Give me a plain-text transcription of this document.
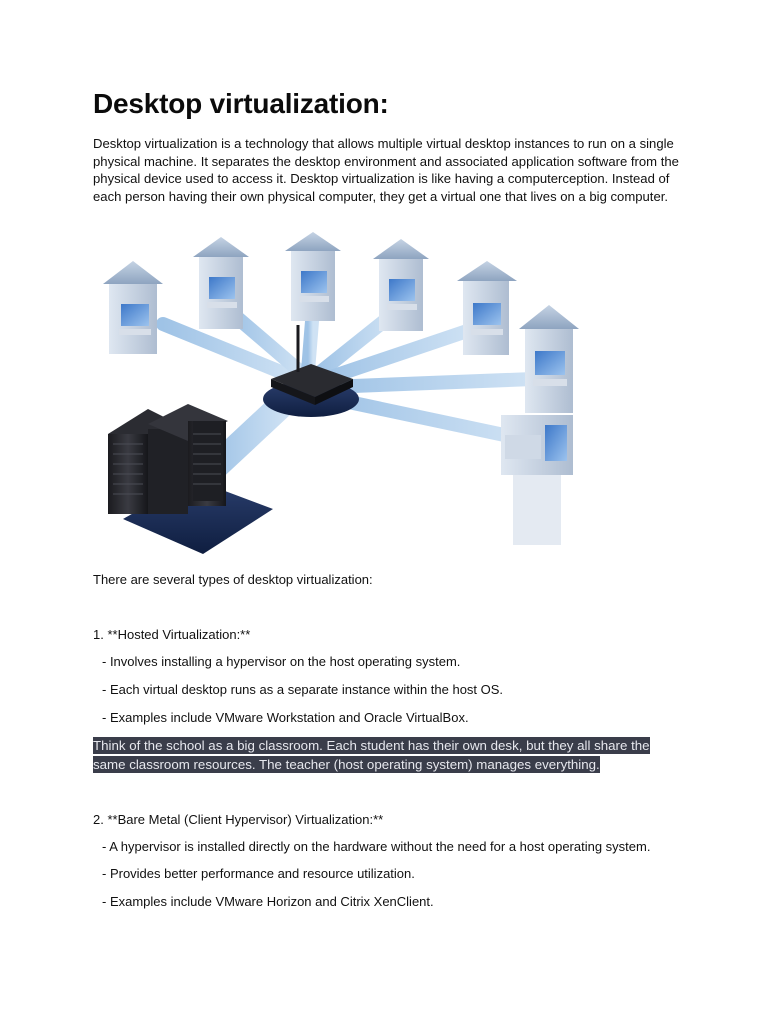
Desktop virtualization:
Desktop virtualization is a technology that allows multiple virtual desktop instances to run on a single physical machine. It separates the desktop environment and associated application software from the physical device used to access it. Desktop virtualization is like having a computerception. Instead of each person having their own physical computer, they get a virtual one that lives on a big computer.
There are several types of desktop virtualization:
1. **Hosted Virtualization:**
- Involves installing a hypervisor on the host operating system.
- Each virtual desktop runs as a separate instance within the host OS.
- Examples include VMware Workstation and Oracle VirtualBox.
Think of the school as a big classroom. Each student has their own desk, but they all share the same classroom resources. The teacher (host operating system) manages everything.
2. **Bare Metal (Client Hypervisor) Virtualization:**
- A hypervisor is installed directly on the hardware without the need for a host operating system.
- Provides better performance and resource utilization.
- Examples include VMware Horizon and Citrix XenClient.
